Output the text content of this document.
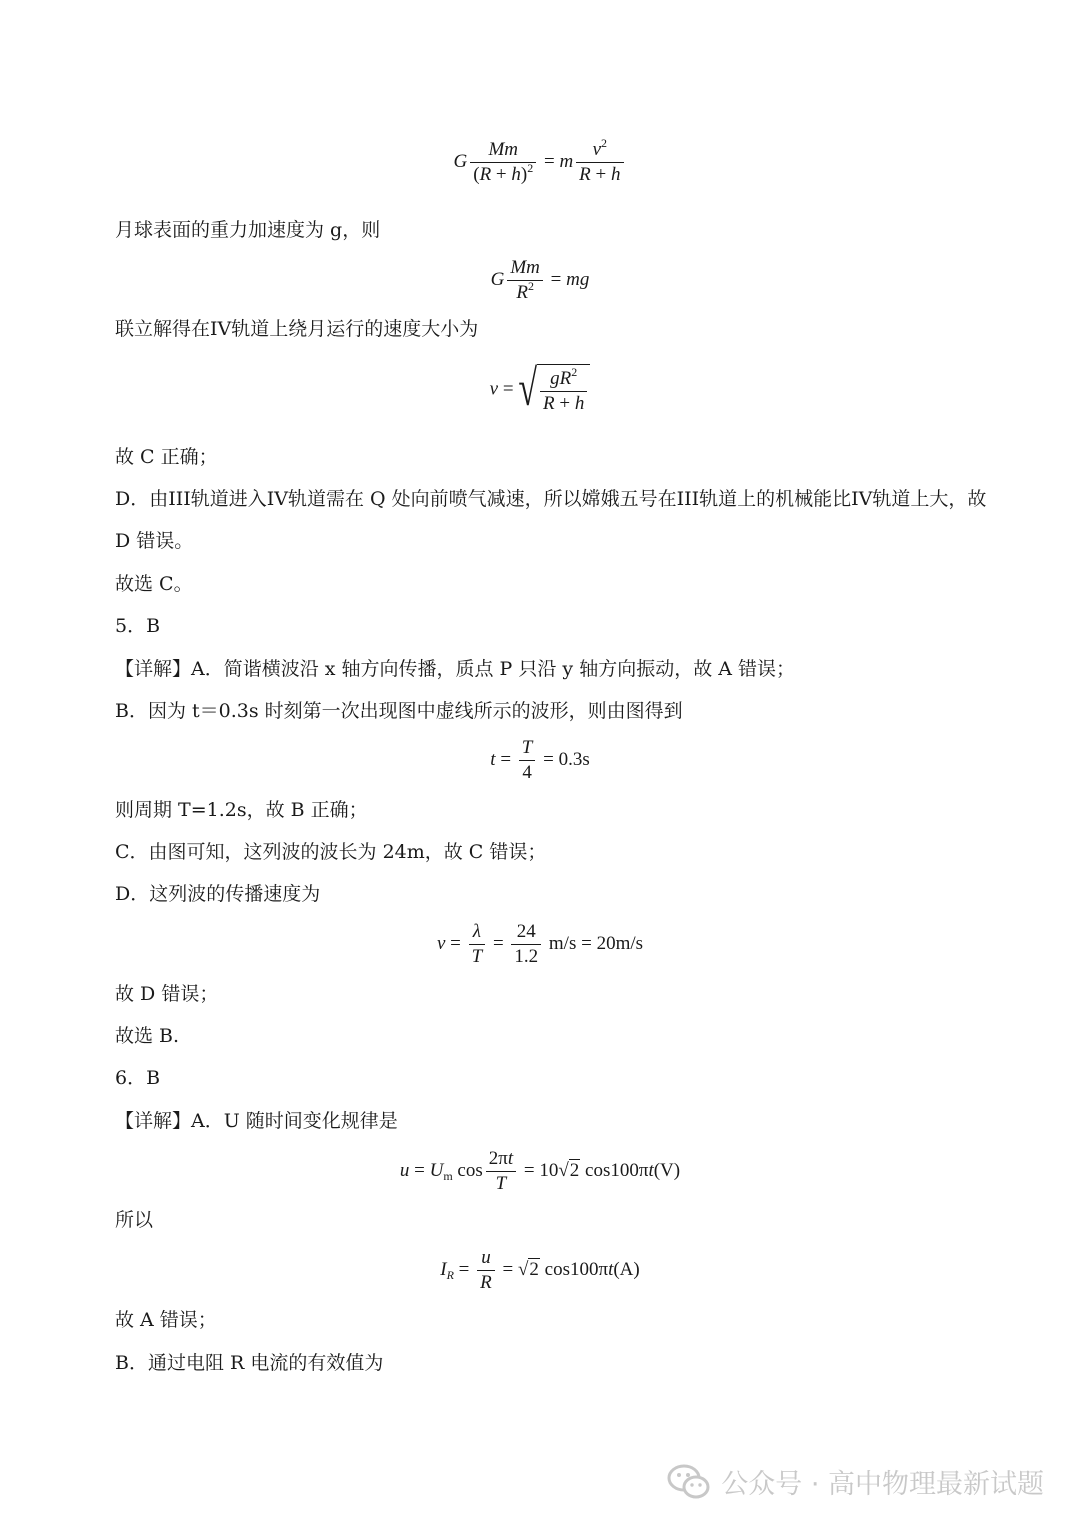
G $\frac{Mm}{(R + h)^2} = m \frac{v^2}{R + h}$
月球表面的重力加速度为 g，则
G $\frac{Mm}{R^2}$ = mg
联立解得在IV轨道上绕月运行的速度大小为
v = √ $\frac{gR^2}{R + h}$
故 C 正确；
D．由III轨道进入IV轨道需在 Q 处向前喷气减速，所以嫦娥五号在III轨道上的机械能比IV轨道上大，故
D 错误。
故选 C。
5．B
【详解】A．简谐横波沿 x 轴方向传播，质点 P 只沿 y 轴方向振动，故 A 错误；
B．因为 t＝0.3s 时刻第一次出现图中虚线所示的波形，则由图得到
$t = \frac{T}{4} = 0.3s$
则周期 T=1.2s，故 B 正确；
C．由图可知，这列波的波长为 24m，故 C 错误；
D．这列波的传播速度为
$v = \frac{\lambda}{T} = \frac{24}{1.2} m/s = 20m/s$
故 D 错误；
故选 B.
6．B
【详解】A．U 随时间变化规律是
$u = U_m$ $\cos \frac{2\pi t}{T} = 10√2$ cos100πt(V)
所以
$I_R = \frac{u}{R} = √2$ cos100πt(A)
故 A 错误；
B．通过电阻 R 电流的有效值为
公众号 · 高中物理最新试题
